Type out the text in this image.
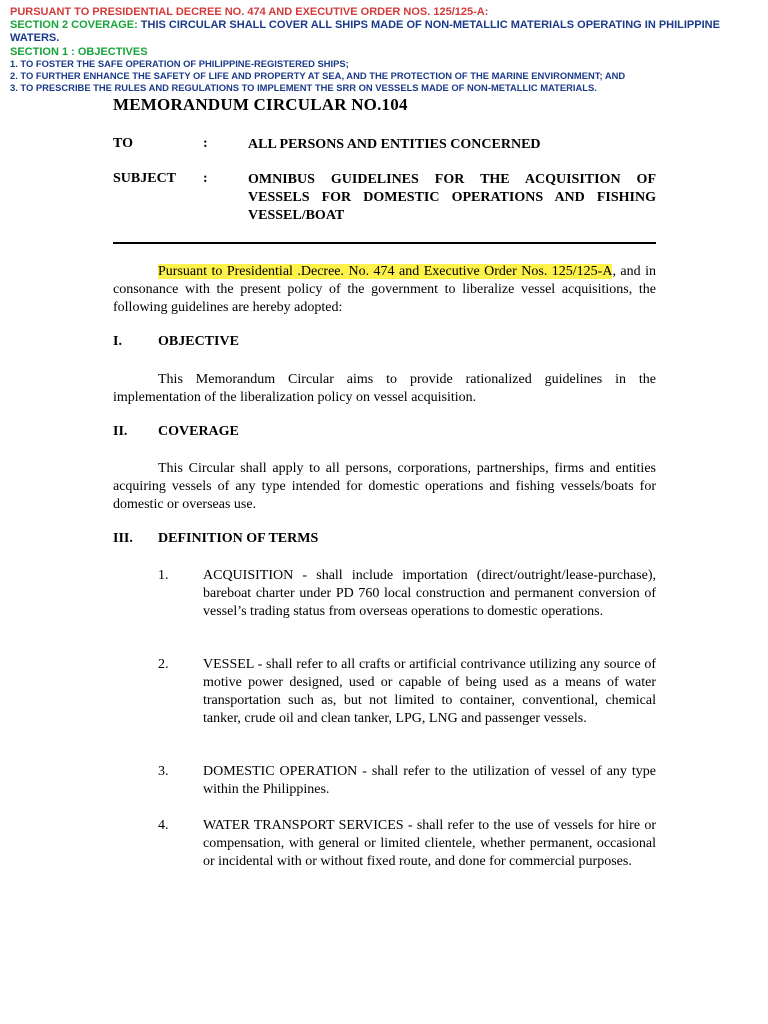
PURSUANT TO PRESIDENTIAL DECREE NO. 474 AND EXECUTIVE ORDER NOS. 125/125-A:
SECTION 2 COVERAGE: THIS CIRCULAR SHALL COVER ALL SHIPS MADE OF NON-METALLIC MATERIALS OPERATING IN PHILIPPINE WATERS.
SECTION 1 : OBJECTIVES
1. TO FOSTER THE SAFE OPERATION OF PHILIPPINE-REGISTERED SHIPS;
2. TO FURTHER ENHANCE THE SAFETY OF LIFE AND PROPERTY AT SEA, AND THE PROTECTION OF THE MARINE ENVIRONMENT; AND
3. TO PRESCRIBE THE RULES AND REGULATIONS TO IMPLEMENT THE SRR ON VESSELS MADE OF NON-METALLIC MATERIALS.
MEMORANDUM CIRCULAR NO.104
TO	:	ALL PERSONS AND ENTITIES CONCERNED
SUBJECT :	OMNIBUS GUIDELINES FOR THE ACQUISITION OF VESSELS FOR DOMESTIC OPERATIONS AND FISHING VESSEL/BOAT
Pursuant to Presidential .Decree. No. 474 and Executive Order Nos. 125/125-A, and in consonance with the present policy of the government to liberalize vessel acquisitions, the following guidelines are hereby adopted:
I.	OBJECTIVE
This Memorandum Circular aims to provide rationalized guidelines in the implementation of the liberalization policy on vessel acquisition.
II. COVERAGE
This Circular shall apply to all persons, corporations, partnerships, firms and entities acquiring vessels of any type intended for domestic operations and fishing vessels/boats for domestic or overseas use.
III. DEFINITION OF TERMS
1. ACQUISITION - shall include importation (direct/outright/lease-purchase), bareboat charter under PD 760 local construction and permanent conversion of vessel’s trading status from overseas operations to domestic operations.
2. VESSEL - shall refer to all crafts or artificial contrivance utilizing any source of motive power designed, used or capable of being used as a means of water transportation such as, but not limited to container, conventional, chemical tanker, crude oil and clean tanker, LPG, LNG and passenger vessels.
3. DOMESTIC OPERATION - shall refer to the utilization of vessel of any type within the Philippines.
4. WATER TRANSPORT SERVICES - shall refer to the use of vessels for hire or compensation, with general or limited clientele, whether permanent, occasional or incidental with or without fixed route, and done for commercial purposes.
